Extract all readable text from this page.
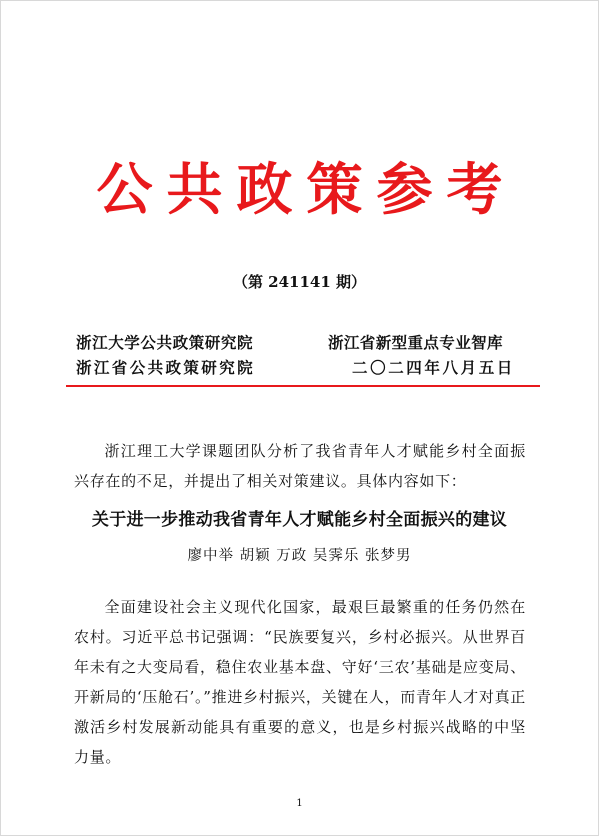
公共政策参考
（第 241141 期）
浙江大学公共政策研究院
浙江省公共政策研究院
浙江省新型重点专业智库
二〇二四年八月五日
浙江理工大学课题团队分析了我省青年人才赋能乡村全面振兴存在的不足，并提出了相关对策建议。具体内容如下：
关于进一步推动我省青年人才赋能乡村全面振兴的建议
廖中举 胡颖 万政 吴霁乐 张梦男
全面建设社会主义现代化国家，最艰巨最繁重的任务仍然在农村。习近平总书记强调：“民族要复兴，乡村必振兴。从世界百年未有之大变局看，稳住农业基本盘、守好‘三农’基础是应变局、开新局的‘压舱石’。”推进乡村振兴，关键在人，而青年人才对真正激活乡村发展新动能具有重要的意义，也是乡村振兴战略的中坚力量。
1
